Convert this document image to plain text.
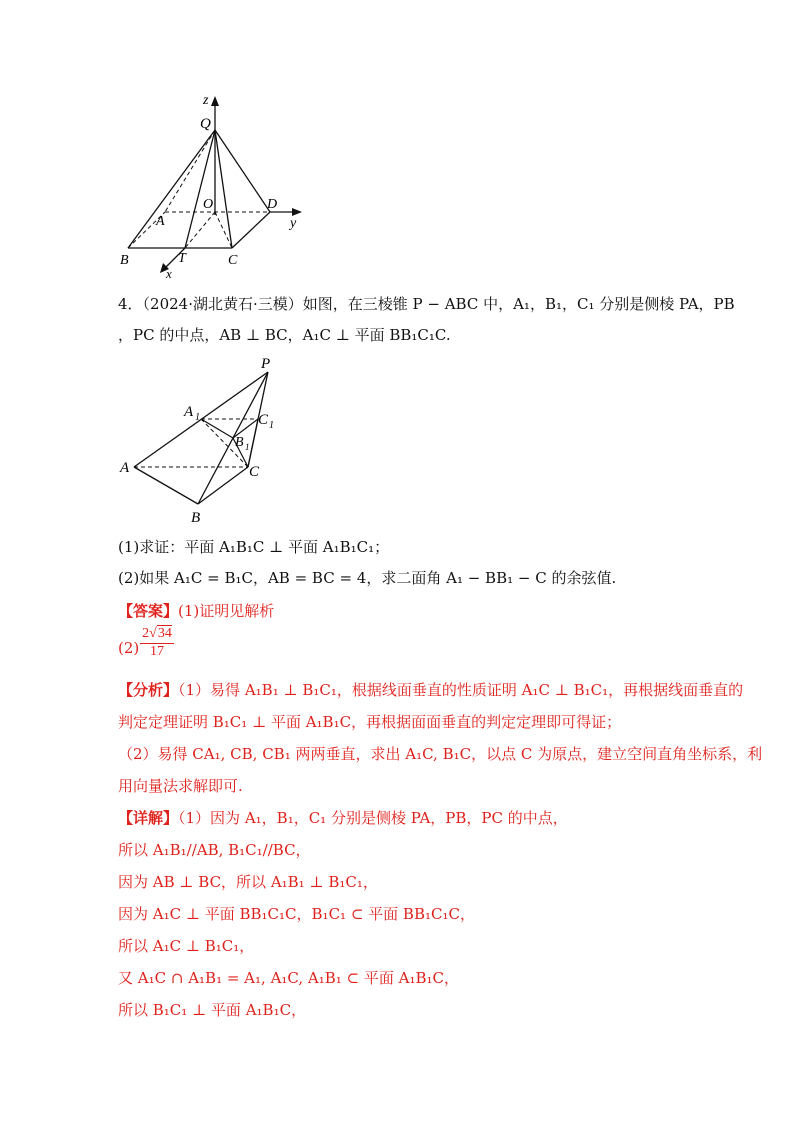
z
Q
O	D
y
A
B	T	C
x
4．（2024·湖北黄石·三模）如图，在三棱锥 P − ABC 中，A₁，B₁，C₁ 分别是侧棱 PA，PB
，PC 的中点，AB ⊥ BC，A₁C ⊥ 平面 BB₁C₁C.
P
A 1	C 1
B 1
A	C
B
(1)求证：平面 A₁B₁C ⊥ 平面 A₁B₁C₁；
(2)如果 A₁C = B₁C，AB = BC = 4，求二面角 A₁ − BB₁ − C 的余弦值.
【答案】(1)证明见解析
$(2) \frac{2√34}{17}$
【分析】（1）易得 A₁B₁ ⊥ B₁C₁，根据线面垂直的性质证明 A₁C ⊥ B₁C₁，再根据线面垂直的
判定定理证明 B₁C₁ ⊥ 平面 A₁B₁C，再根据面面垂直的判定定理即可得证；
（2）易得 CA₁, CB, CB₁ 两两垂直，求出 A₁C, B₁C，以点 C 为原点，建立空间直角坐标系，利
用向量法求解即可.
【详解】（1）因为 A₁，B₁，C₁ 分别是侧棱 PA，PB，PC 的中点，
所以 A₁B₁//AB, B₁C₁//BC，
因为 AB ⊥ BC，所以 A₁B₁ ⊥ B₁C₁，
因为 A₁C ⊥ 平面 BB₁C₁C，B₁C₁ ⊂ 平面 BB₁C₁C，
所以 A₁C ⊥ B₁C₁，
又 A₁C ∩ A₁B₁ = A₁, A₁C, A₁B₁ ⊂ 平面 A₁B₁C，
所以 B₁C₁ ⊥ 平面 A₁B₁C，
